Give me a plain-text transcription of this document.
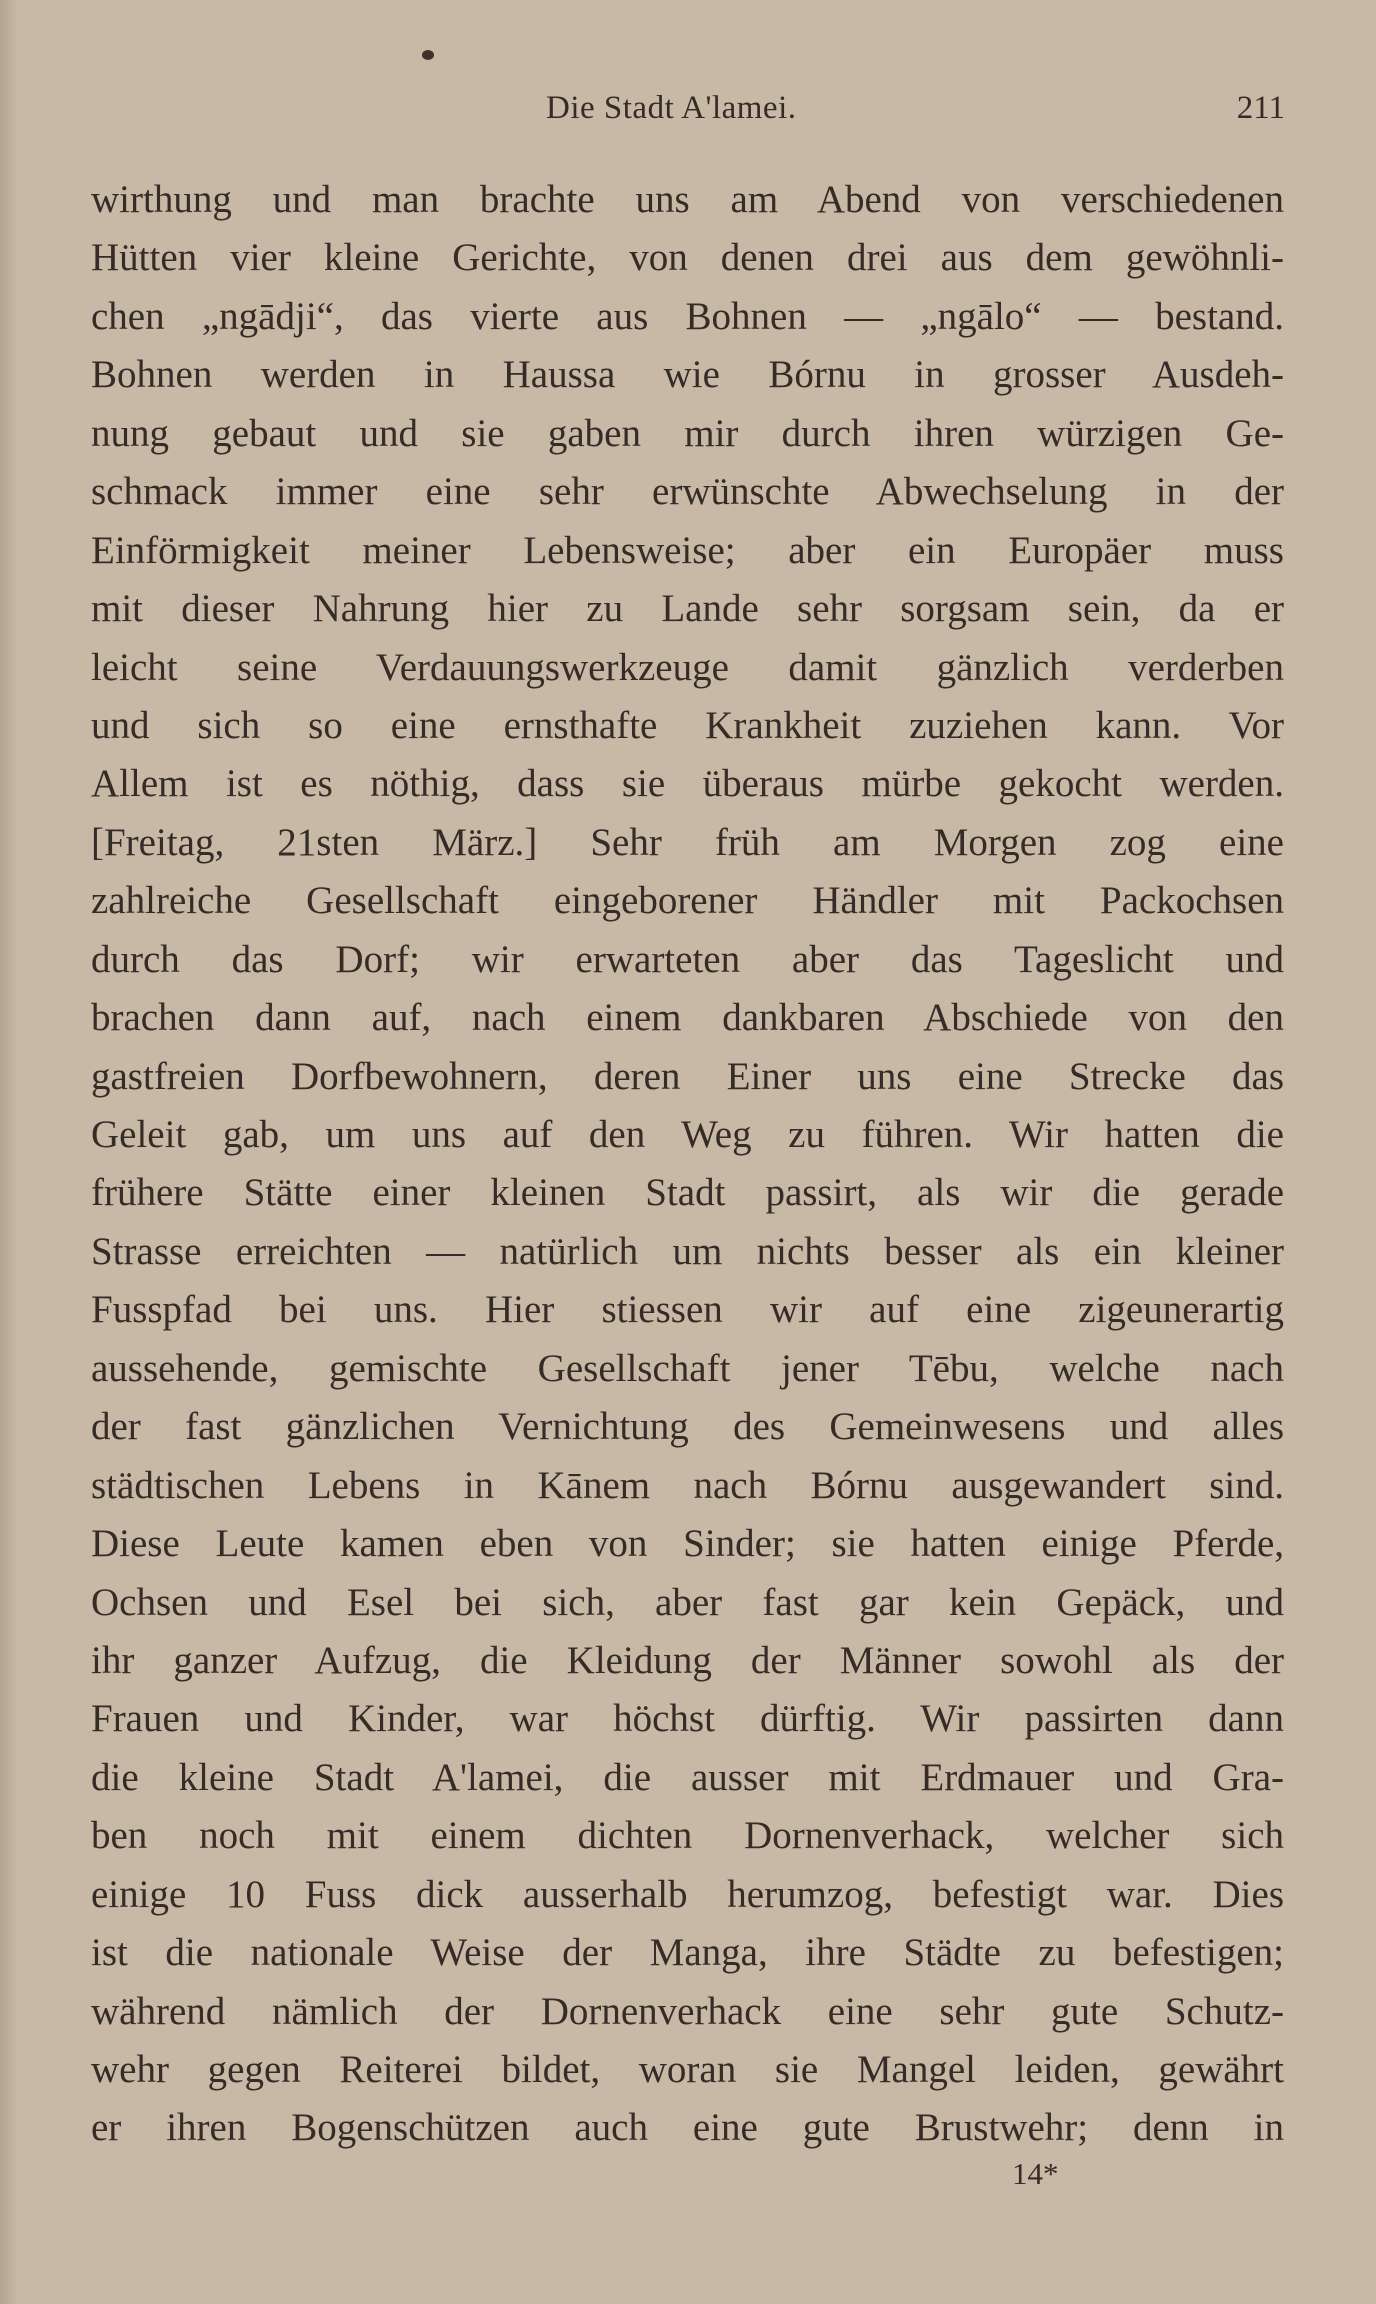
Die Stadt A'lamei.	211
wirthung und man brachte uns am Abend von verschiedenen
Hütten vier kleine Gerichte, von denen drei aus dem gewöhnli-
chen „ngādji“, das vierte aus Bohnen — „ngālo“ — bestand.
Bohnen werden in Haussa wie Bórnu in grosser Ausdeh-
nung gebaut und sie gaben mir durch ihren würzigen Ge-
schmack immer eine sehr erwünschte Abwechselung in der
Einförmigkeit meiner Lebensweise; aber ein Europäer muss
mit dieser Nahrung hier zu Lande sehr sorgsam sein, da er
leicht seine Verdauungswerkzeuge damit gänzlich verderben
und sich so eine ernsthafte Krankheit zuziehen kann. Vor
Allem ist es nöthig, dass sie überaus mürbe gekocht werden.
[Freitag, 21sten März.] Sehr früh am Morgen zog eine
zahlreiche Gesellschaft eingeborener Händler mit Packochsen
durch das Dorf; wir erwarteten aber das Tageslicht und
brachen dann auf, nach einem dankbaren Abschiede von den
gastfreien Dorfbewohnern, deren Einer uns eine Strecke das
Geleit gab, um uns auf den Weg zu führen. Wir hatten die
frühere Stätte einer kleinen Stadt passirt, als wir die gerade
Strasse erreichten — natürlich um nichts besser als ein kleiner
Fusspfad bei uns. Hier stiessen wir auf eine zigeunerartig
aussehende, gemischte Gesellschaft jener Tēbu, welche nach
der fast gänzlichen Vernichtung des Gemeinwesens und alles
städtischen Lebens in Kānem nach Bórnu ausgewandert sind.
Diese Leute kamen eben von Sinder; sie hatten einige Pferde,
Ochsen und Esel bei sich, aber fast gar kein Gepäck, und
ihr ganzer Aufzug, die Kleidung der Männer sowohl als der
Frauen und Kinder, war höchst dürftig. Wir passirten dann
die kleine Stadt A'lamei, die ausser mit Erdmauer und Gra-
ben noch mit einem dichten Dornenverhack, welcher sich
einige 10 Fuss dick ausserhalb herumzog, befestigt war. Dies
ist die nationale Weise der Manga, ihre Städte zu befestigen;
während nämlich der Dornenverhack eine sehr gute Schutz-
wehr gegen Reiterei bildet, woran sie Mangel leiden, gewährt
er ihren Bogenschützen auch eine gute Brustwehr; denn in
14*
